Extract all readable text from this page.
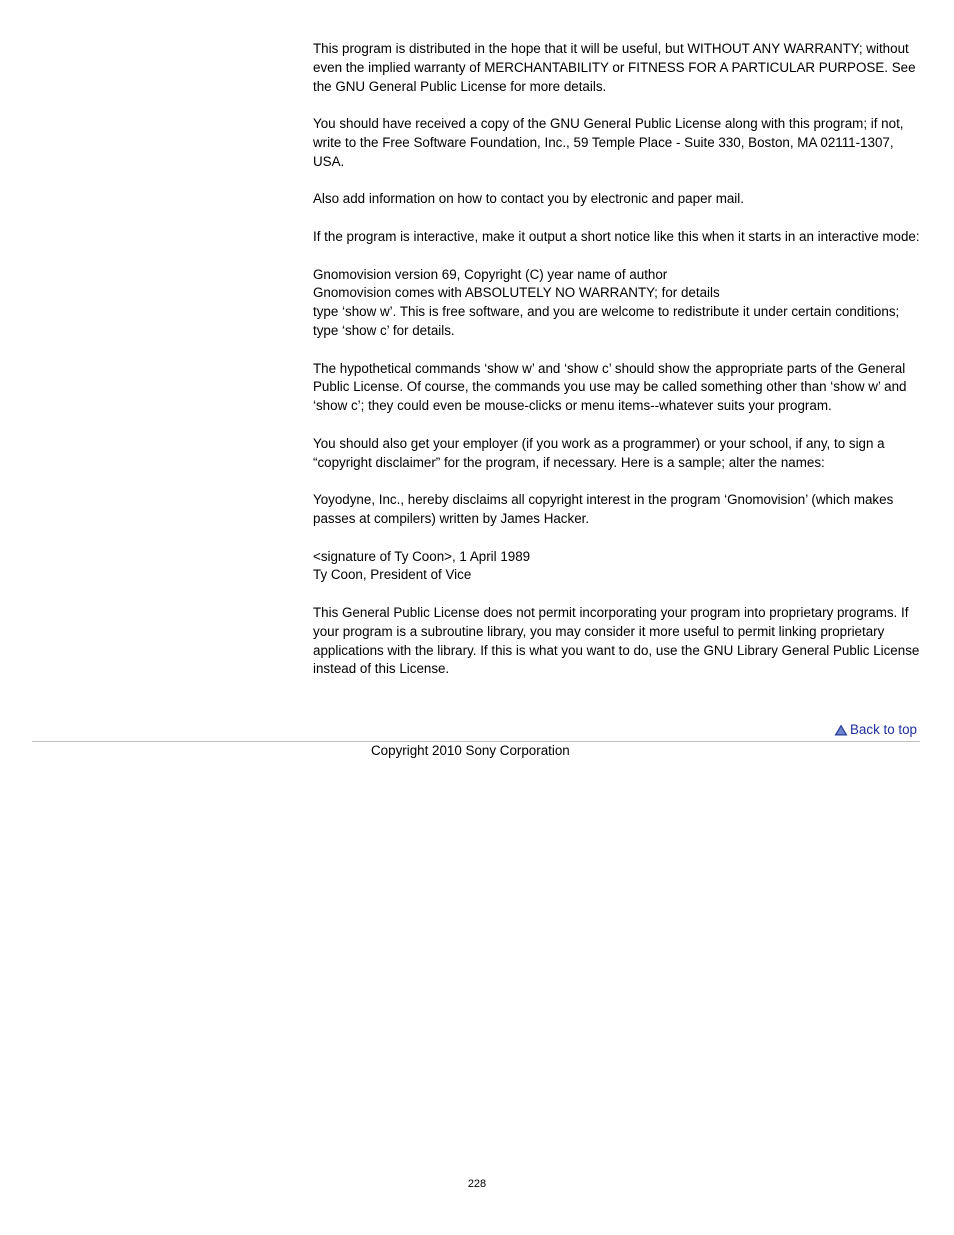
This program is distributed in the hope that it will be useful, but WITHOUT ANY WARRANTY; without even the implied warranty of MERCHANTABILITY or FITNESS FOR A PARTICULAR PURPOSE. See the GNU General Public License for more details.

You should have received a copy of the GNU General Public License along with this program; if not, write to the Free Software Foundation, Inc., 59 Temple Place - Suite 330, Boston, MA 02111-1307, USA.

Also add information on how to contact you by electronic and paper mail.

If the program is interactive, make it output a short notice like this when it starts in an interactive mode:

Gnomovision version 69, Copyright (C) year name of author
Gnomovision comes with ABSOLUTELY NO WARRANTY; for details
type ‘show w’. This is free software, and you are welcome to redistribute it under certain conditions; type ‘show c’ for details.

The hypothetical commands ‘show w’ and ‘show c’ should show the appropriate parts of the General Public License. Of course, the commands you use may be called something other than ‘show w’ and ‘show c’; they could even be mouse-clicks or menu items--whatever suits your program.

You should also get your employer (if you work as a programmer) or your school, if any, to sign a “copyright disclaimer” for the program, if necessary. Here is a sample; alter the names:

Yoyodyne, Inc., hereby disclaims all copyright interest in the program ‘Gnomovision’ (which makes passes at compilers) written by James Hacker.

<signature of Ty Coon>, 1 April 1989
Ty Coon, President of Vice

This General Public License does not permit incorporating your program into proprietary programs. If your program is a subroutine library, you may consider it more useful to permit linking proprietary applications with the library. If this is what you want to do, use the GNU Library General Public License instead of this License.

Back to top
Copyright 2010 Sony Corporation
228
